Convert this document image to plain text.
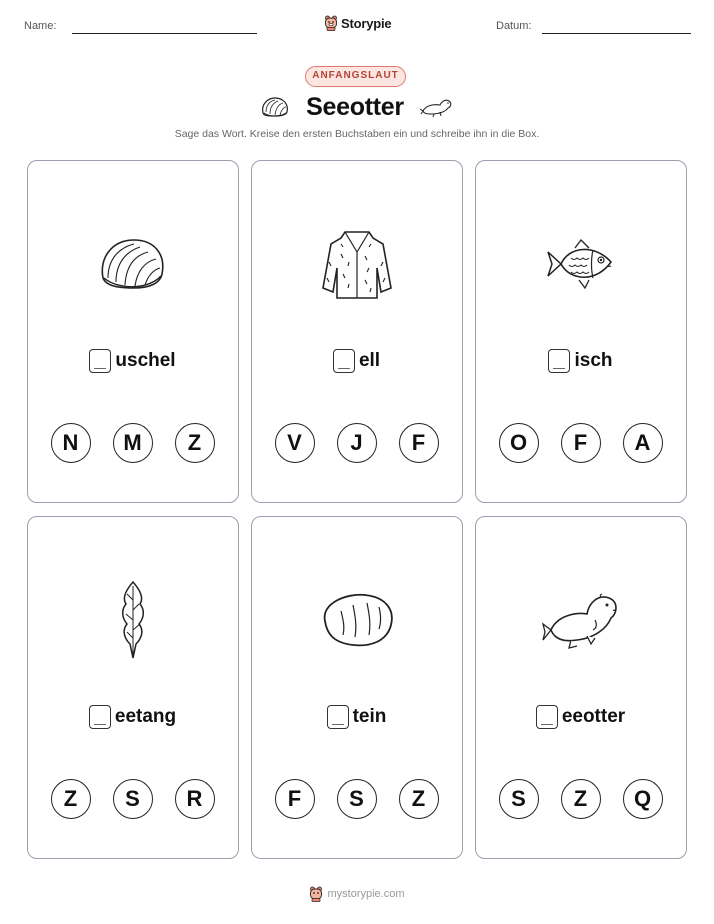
Name:	Storypie	Datum:
ANFANGSLAUT
Seeotter
Sage das Wort. Kreise den ersten Buchstaben ein und schreibe ihn in die Box.
uschel
N	M	Z
ell
V	J	F
isch
O	F	A
eetang
Z	S	R
tein
F	S	Z
eeotter
S	Z	Q
mystorypie.com
